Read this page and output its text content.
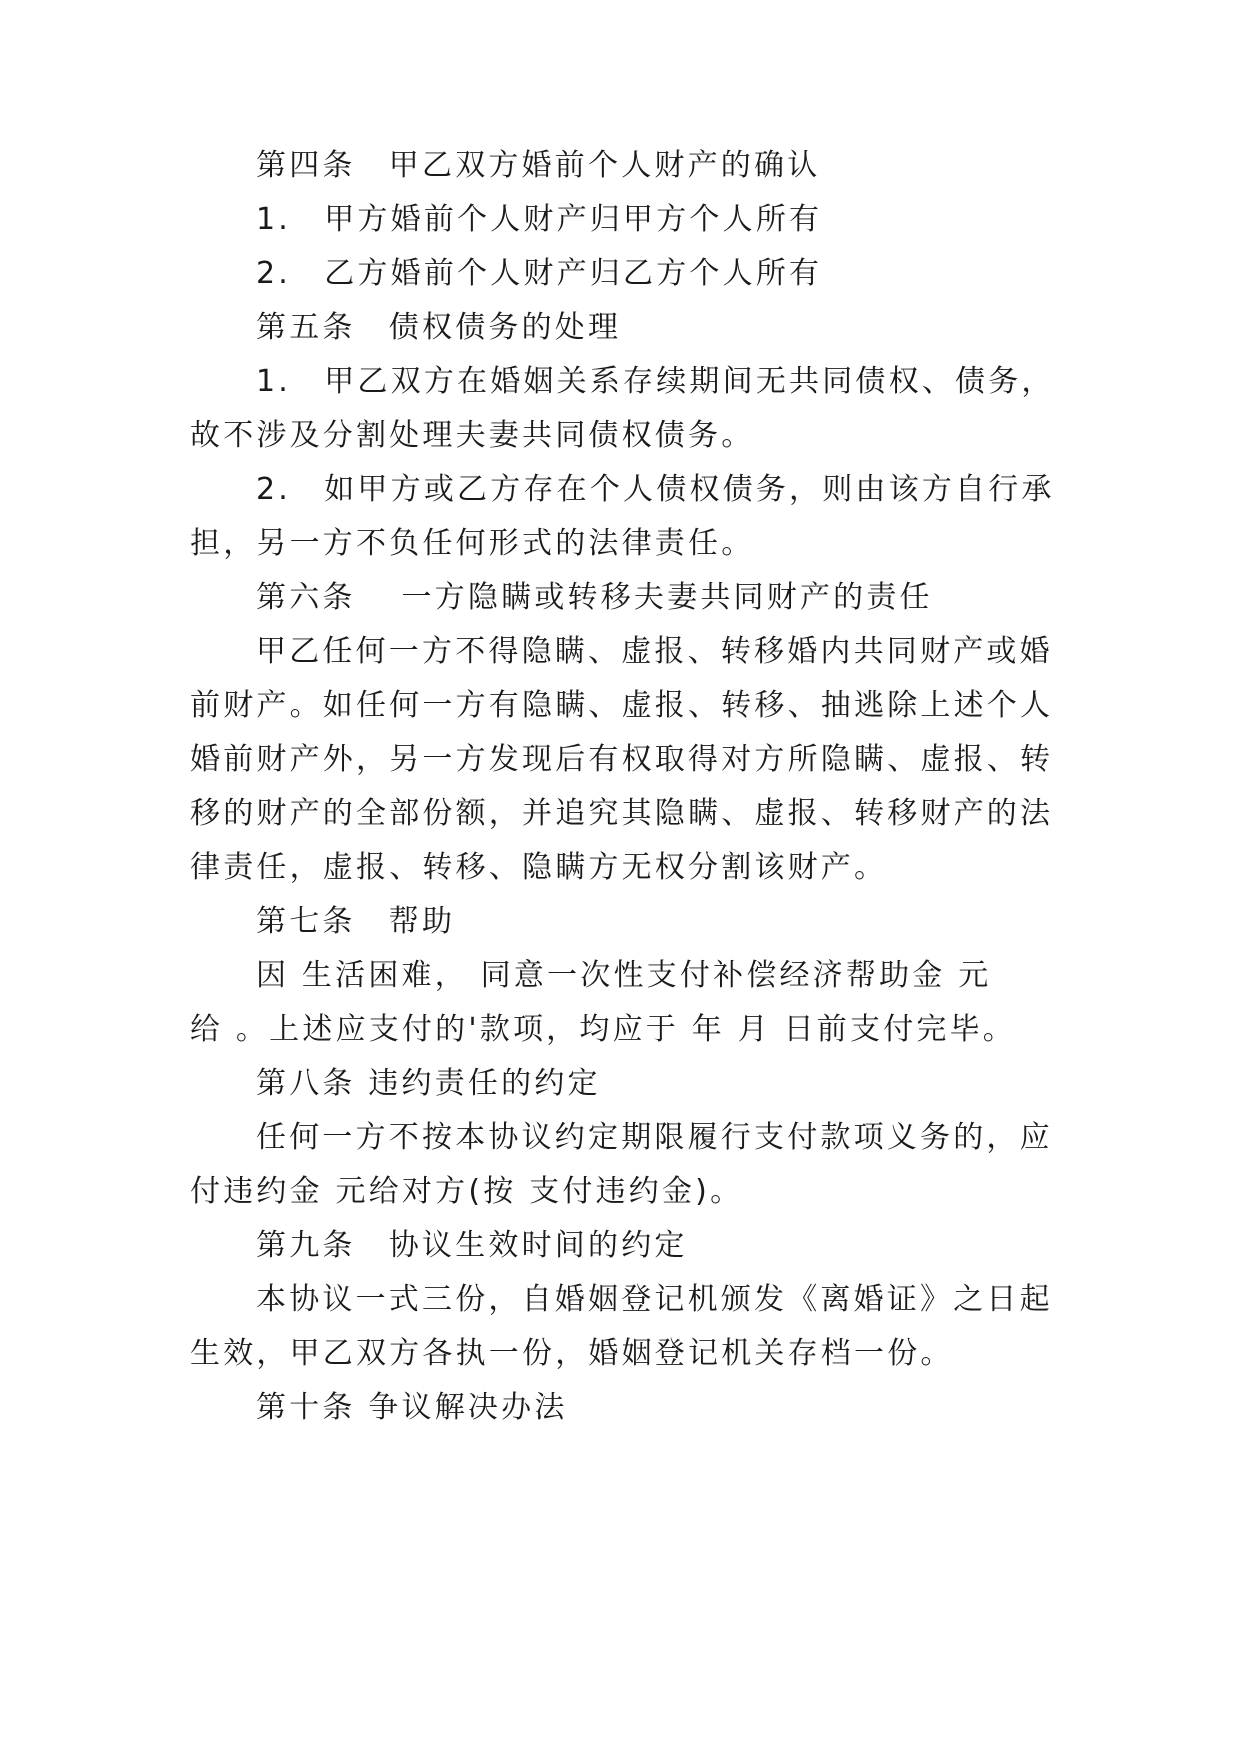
第四条　甲乙双方婚前个人财产的确认
1.　甲方婚前个人财产归甲方个人所有
2.　乙方婚前个人财产归乙方个人所有
第五条　债权债务的处理
1.　甲乙双方在婚姻关系存续期间无共同债权、债务，
故不涉及分割处理夫妻共同债权债务。
2.　如甲方或乙方存在个人债权债务，则由该方自行承
担，另一方不负任何形式的法律责任。
第六条　 一方隐瞒或转移夫妻共同财产的责任
甲乙任何一方不得隐瞒、虚报、转移婚内共同财产或婚
前财产。如任何一方有隐瞒、虚报、转移、抽逃除上述个人
婚前财产外，另一方发现后有权取得对方所隐瞒、虚报、转
移的财产的全部份额，并追究其隐瞒、虚报、转移财产的法
律责任，虚报、转移、隐瞒方无权分割该财产。
第七条　帮助
因 生活困难， 同意一次性支付补偿经济帮助金 元
给 。上述应支付的'款项，均应于 年 月 日前支付完毕。
第八条 违约责任的约定
任何一方不按本协议约定期限履行支付款项义务的，应
付违约金 元给对方(按 支付违约金)。
第九条　协议生效时间的约定
本协议一式三份，自婚姻登记机颁发《离婚证》之日起
生效，甲乙双方各执一份，婚姻登记机关存档一份。
第十条 争议解决办法
